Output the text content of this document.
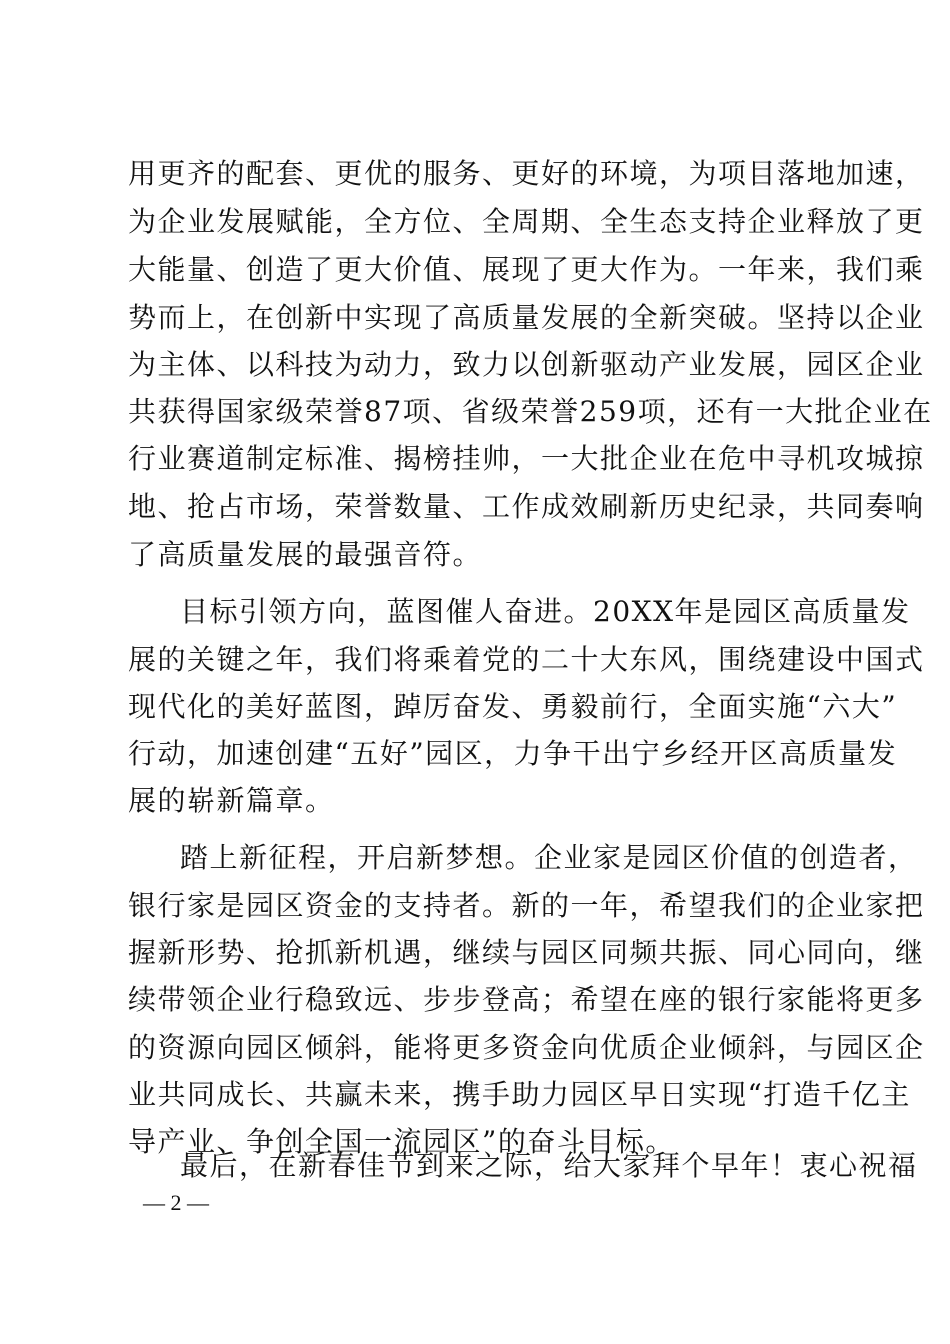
用更齐的配套、更优的服务、更好的环境，为项目落地加速，
为企业发展赋能，全方位、全周期、全生态支持企业释放了更
大能量、创造了更大价值、展现了更大作为。一年来，我们乘
势而上，在创新中实现了高质量发展的全新突破。坚持以企业
为主体、以科技为动力，致力以创新驱动产业发展，园区企业
共获得国家级荣誉87项、省级荣誉259项，还有一大批企业在
行业赛道制定标准、揭榜挂帅，一大批企业在危中寻机攻城掠
地、抢占市场，荣誉数量、工作成效刷新历史纪录，共同奏响
了高质量发展的最强音符。
目标引领方向，蓝图催人奋进。20XX年是园区高质量发
展的关键之年，我们将乘着党的二十大东风，围绕建设中国式
现代化的美好蓝图，踔厉奋发、勇毅前行，全面实施“六大”
行动，加速创建“五好”园区，力争干出宁乡经开区高质量发
展的崭新篇章。
踏上新征程，开启新梦想。企业家是园区价值的创造者，
银行家是园区资金的支持者。新的一年，希望我们的企业家把
握新形势、抢抓新机遇，继续与园区同频共振、同心同向，继
续带领企业行稳致远、步步登高；希望在座的银行家能将更多
的资源向园区倾斜，能将更多资金向优质企业倾斜，与园区企
业共同成长、共赢未来，携手助力园区早日实现“打造千亿主
导产业、争创全国一流园区”的奋斗目标。
最后，在新春佳节到来之际，给大家拜个早年！衷心祝福
— 2 —
